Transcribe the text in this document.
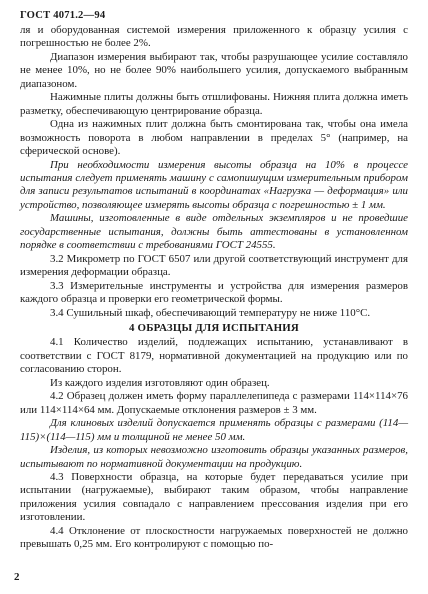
ГОСТ 4071.2—94

ля и оборудованная системой измерения приложенного к образцу усилия с погрешностью не более 2%.

Диапазон измерения выбирают так, чтобы разрушающее усилие составляло не менее 10%, но не более 90% наибольшего усилия, допускаемого выбранным диапазоном.

Нажимные плиты должны быть отшлифованы. Нижняя плита должна иметь разметку, обеспечивающую центрирование образца.

Одна из нажимных плит должна быть смонтирована так, чтобы она имела возможность поворота в любом направлении в пределах 5° (например, на сферической основе).

При необходимости измерения высоты образца на 10% в процессе испытания следует применять машину с самопишущим измерительным прибором для записи результатов испытаний в координатах «Нагрузка — деформация» или устройство, позволяющее измерять высоты образца с погрешностью ± 1 мм.

Машины, изготовленные в виде отдельных экземпляров и не проведшие государственные испытания, должны быть аттестованы в установленном порядке в соответствии с требованиями ГОСТ 24555.

3.2 Микрометр по ГОСТ 6507 или другой соответствующий инструмент для измерения деформации образца.

3.3 Измерительные инструменты и устройства для измерения размеров каждого образца и проверки его геометрической формы.

3.4 Сушильный шкаф, обеспечивающий температуру не ниже 110°С.

4 ОБРАЗЦЫ ДЛЯ ИСПЫТАНИЯ

4.1 Количество изделий, подлежащих испытанию, устанавливают в соответствии с ГОСТ 8179, нормативной документацией на продукцию или по согласованию сторон.

Из каждого изделия изготовляют один образец.

4.2 Образец должен иметь форму параллелепипеда с размерами 114×114×76 или 114×114×64 мм. Допускаемые отклонения размеров ± 3 мм.

Для клиновых изделий допускается применять образцы с размерами (114—115)×(114—115) мм и толщиной не менее 50 мм.

Изделия, из которых невозможно изготовить образцы указанных размеров, испытывают по нормативной документации на продукцию.

4.3 Поверхности образца, на которые будет передаваться усилие при испытании (нагружаемые), выбирают таким образом, чтобы направление приложения усилия совпадало с направлением прессования изделия при его изготовлении.

4.4 Отклонение от плоскостности нагружаемых поверхностей не должно превышать 0,25 мм. Его контролируют с помощью по-

2
